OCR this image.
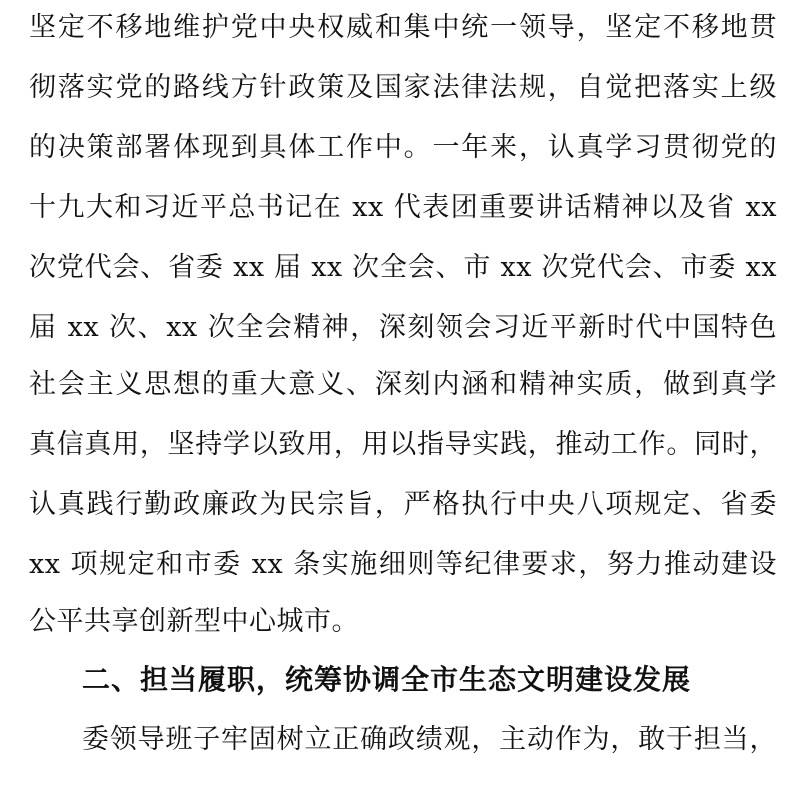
坚定不移地维护党中央权威和集中统一领导，坚定不移地贯
彻落实党的路线方针政策及国家法律法规，自觉把落实上级
的决策部署体现到具体工作中。一年来，认真学习贯彻党的
十九大和习近平总书记在 xx 代表团重要讲话精神以及省 xx
次党代会、省委 xx 届 xx 次全会、市 xx 次党代会、市委 xx
届 xx 次、xx 次全会精神，深刻领会习近平新时代中国特色
社会主义思想的重大意义、深刻内涵和精神实质，做到真学
真信真用，坚持学以致用，用以指导实践，推动工作。同时，
认真践行勤政廉政为民宗旨，严格执行中央八项规定、省委
xx 项规定和市委 xx 条实施细则等纪律要求，努力推动建设
公平共享创新型中心城市。
二、担当履职，统筹协调全市生态文明建设发展
委领导班子牢固树立正确政绩观，主动作为，敢于担当，
